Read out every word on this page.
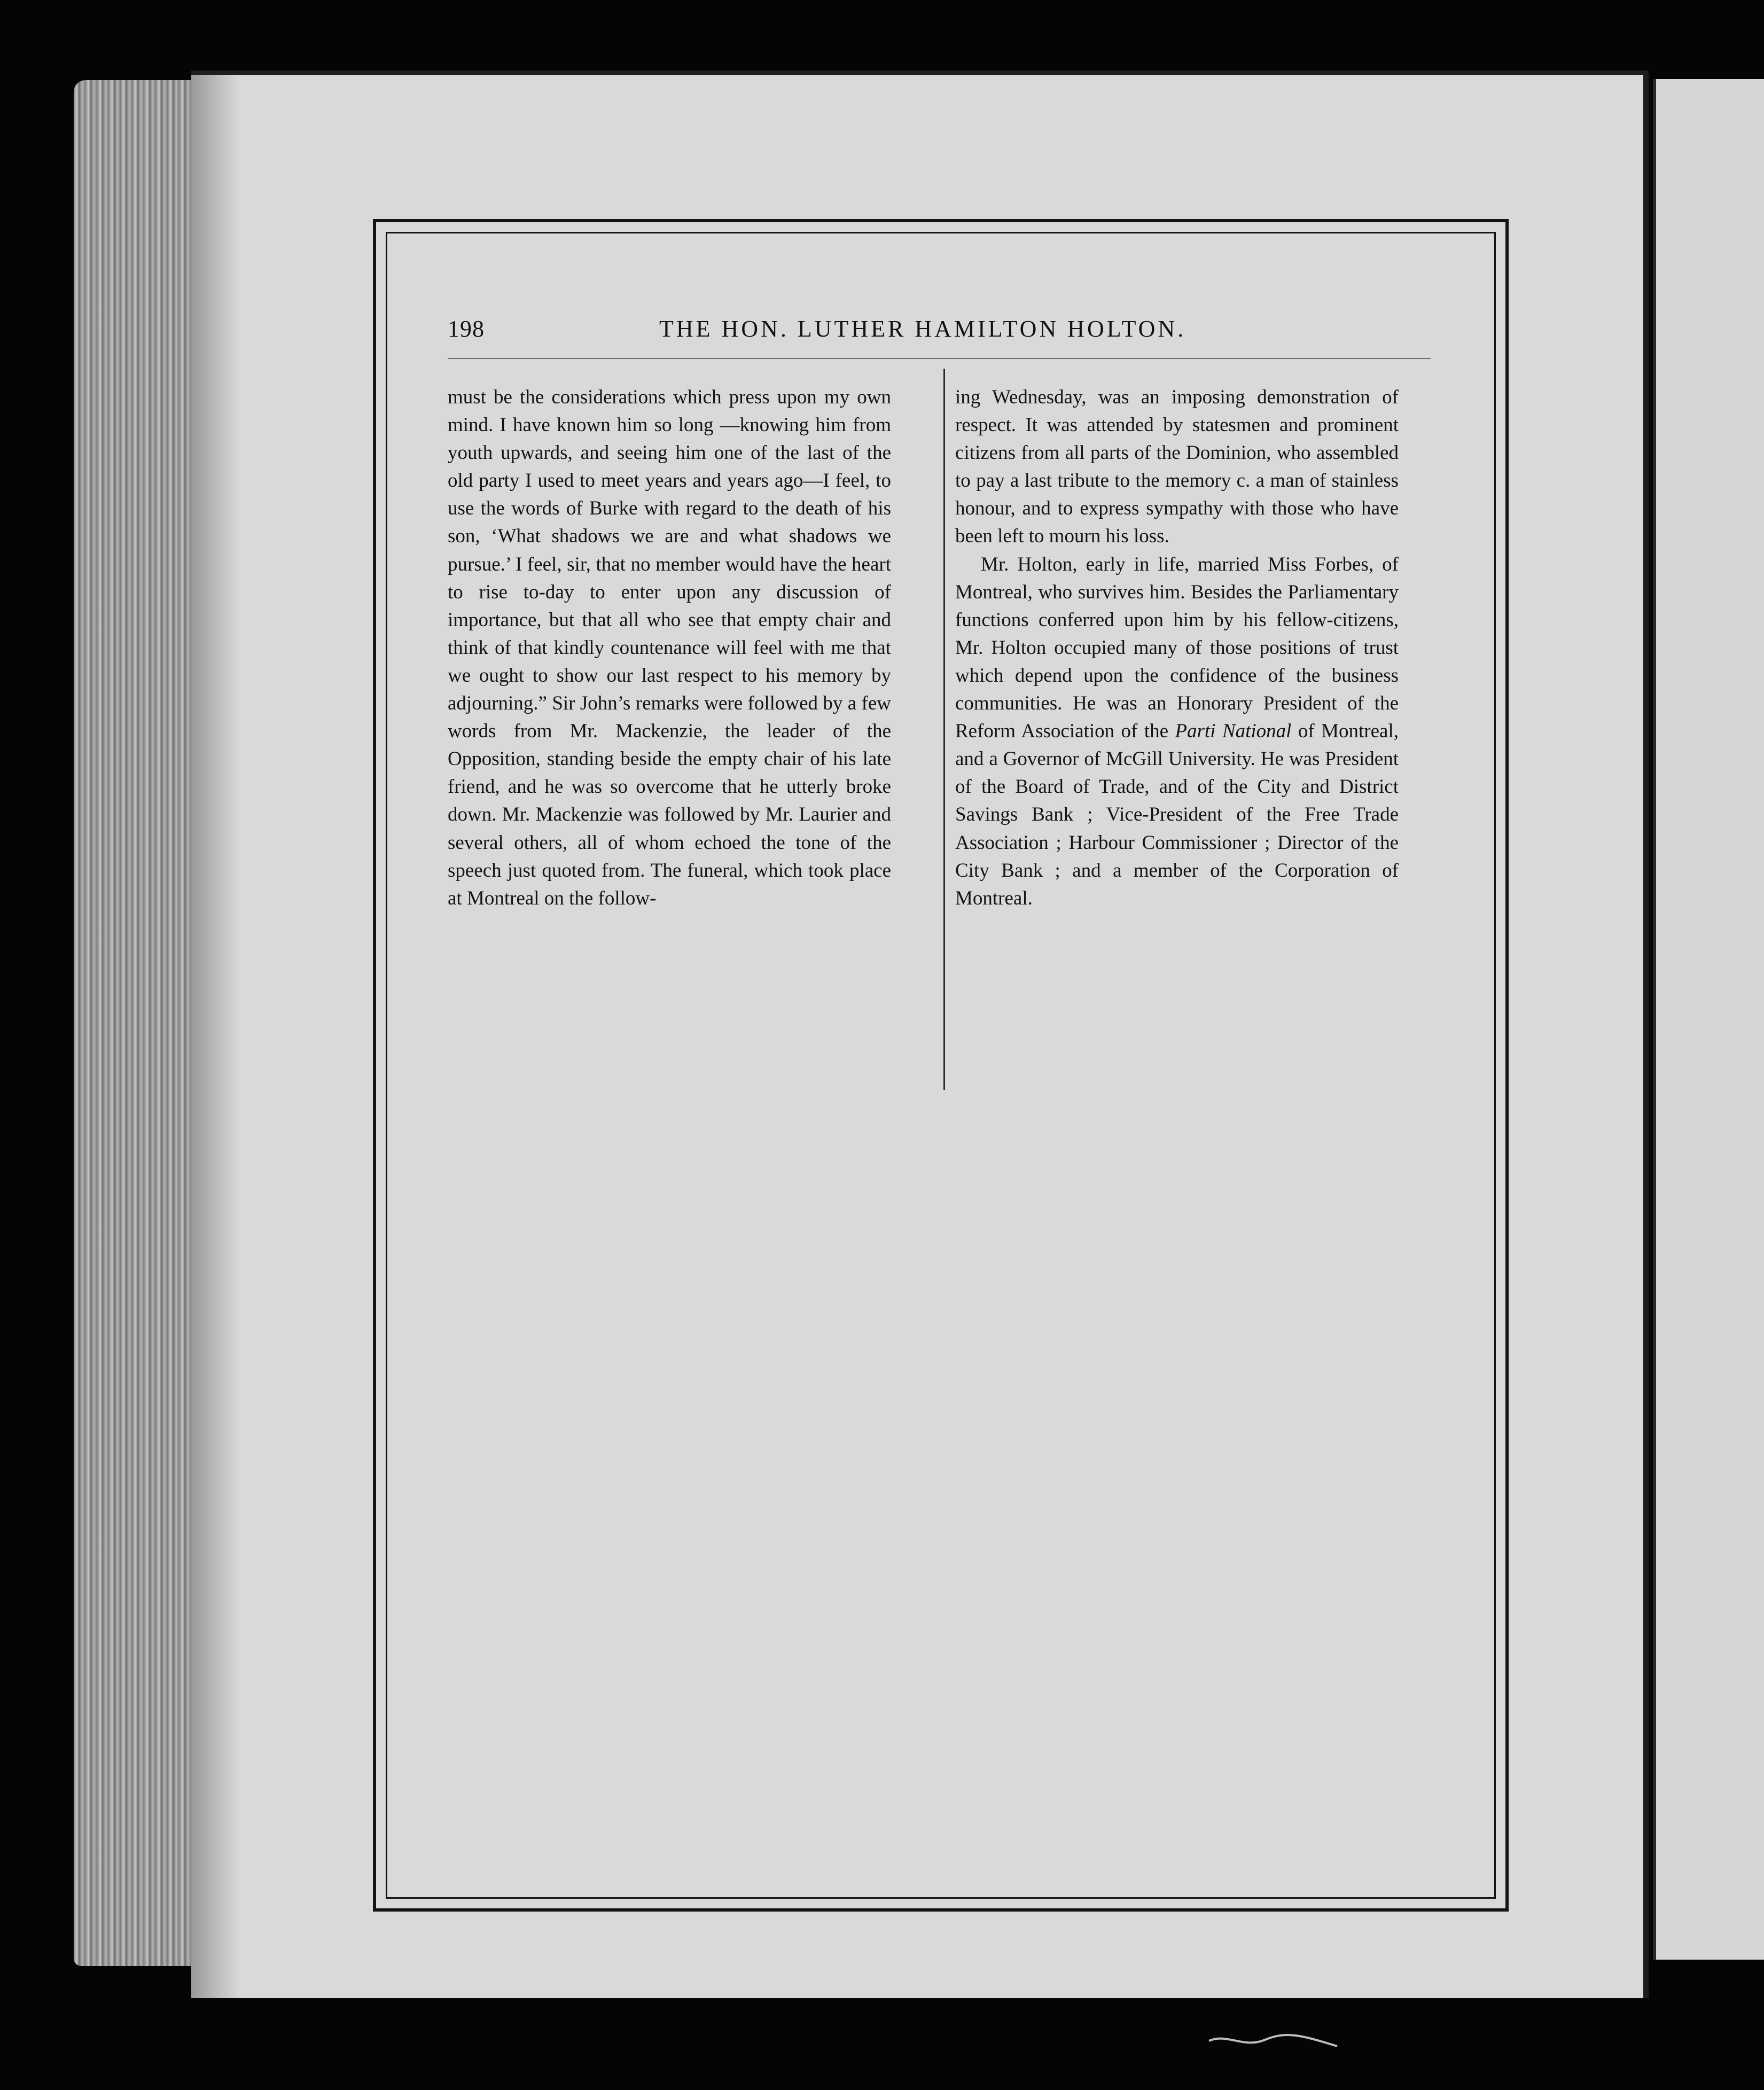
198	THE HON. LUTHER HAMILTON HOLTON.

must be the considerations which press upon my own mind. I have known him so long —knowing him from youth upwards, and seeing him one of the last of the old party I used to meet years and years ago—I feel, to use the words of Burke with regard to the death of his son, ‘What shadows we are and what shadows we pursue.’ I feel, sir, that no member would have the heart to rise to-day to enter upon any discussion of importance, but that all who see that empty chair and think of that kindly countenance will feel with me that we ought to show our last respect to his memory by adjourning.” Sir John’s remarks were followed by a few words from Mr. Mackenzie, the leader of the Opposition, standing beside the empty chair of his late friend, and he was so overcome that he utterly broke down. Mr. Mackenzie was followed by Mr. Laurier and several others, all of whom echoed the tone of the speech just quoted from. The funeral, which took place at Montreal on the follow-

ing Wednesday, was an imposing demonstration of respect. It was attended by statesmen and prominent citizens from all parts of the Dominion, who assembled to pay a last tribute to the memory c. a man of stainless honour, and to express sympathy with those who have been left to mourn his loss.

Mr. Holton, early in life, married Miss Forbes, of Montreal, who survives him. Besides the Parliamentary functions conferred upon him by his fellow-citizens, Mr. Holton occupied many of those positions of trust which depend upon the confidence of the business communities. He was an Honorary President of the Reform Association of the Parti National of Montreal, and a Governor of McGill University. He was President of the Board of Trade, and of the City and District Savings Bank ; Vice-President of the Free Trade Association ; Harbour Commissioner ; Director of the City Bank ; and a member of the Corporation of Montreal.
